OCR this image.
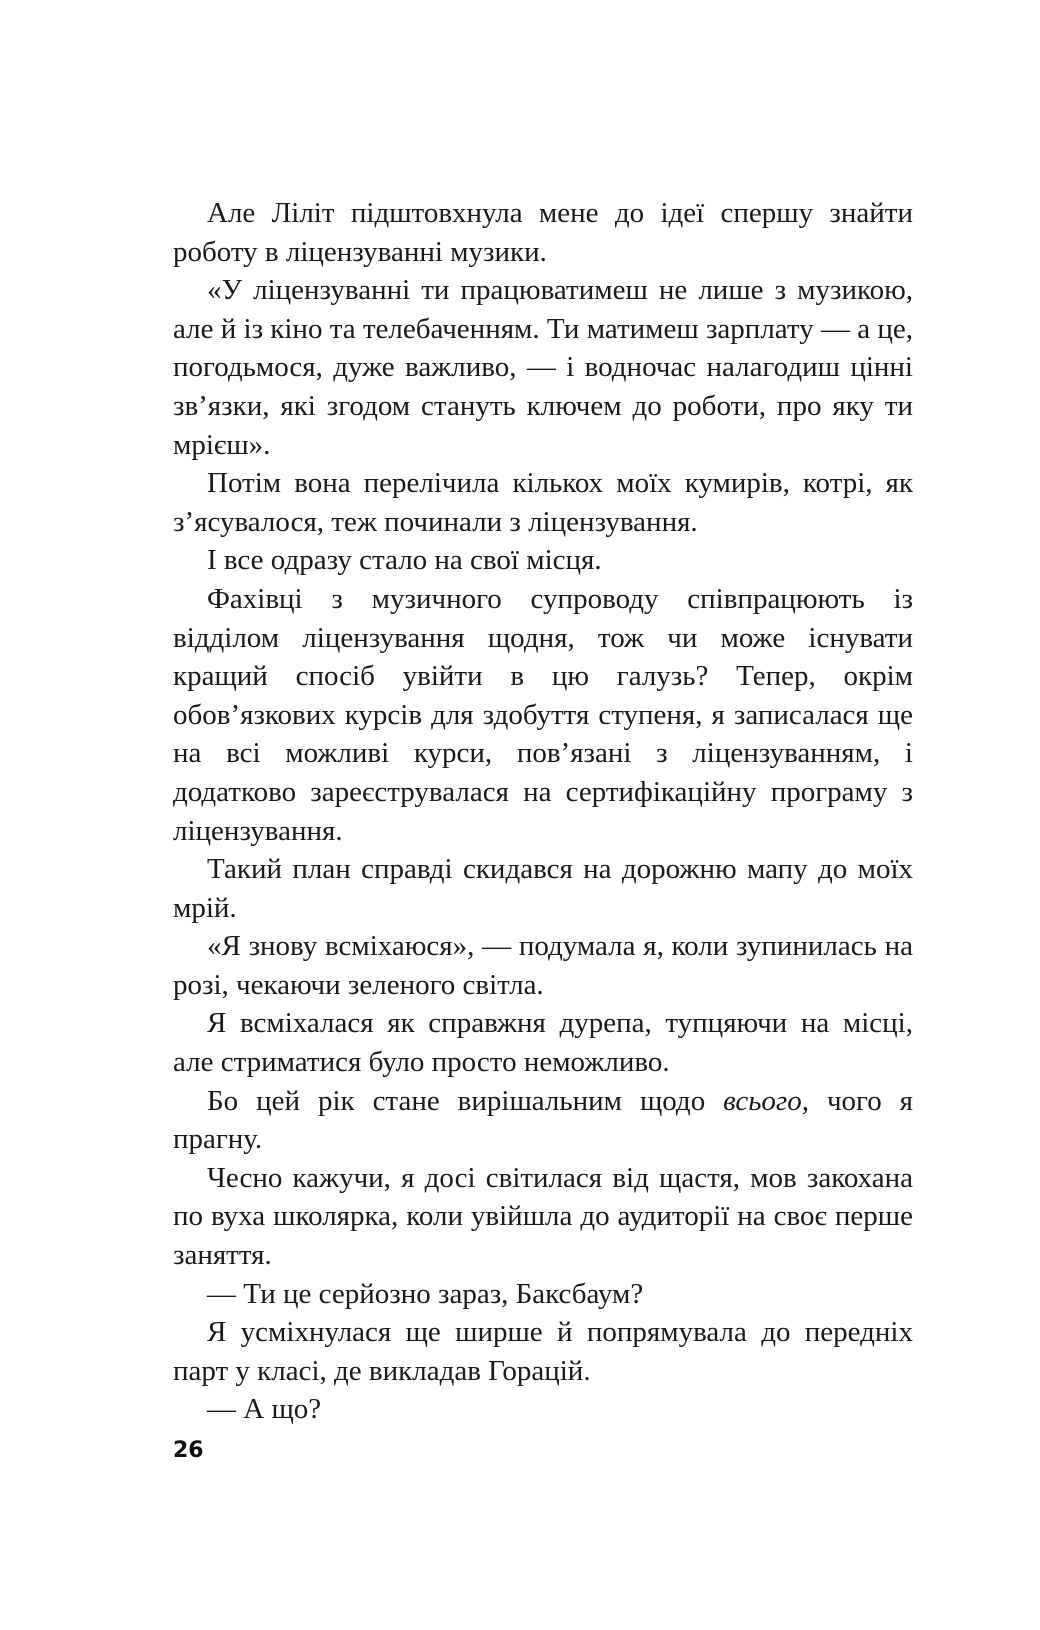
Але Ліліт підштовхнула мене до ідеї спершу знайти роботу в ліцензуванні музики.

«У ліцензуванні ти працюватимеш не лише з музикою, але й із кіно та телебаченням. Ти матимеш зарплату — а це, погодьмося, дуже важливо, — і водночас налагодиш цінні зв’язки, які згодом стануть ключем до роботи, про яку ти мрієш».

Потім вона перелічила кількох моїх кумирів, котрі, як з’ясувалося, теж починали з ліцензування.

І все одразу стало на свої місця.

Фахівці з музичного супроводу співпрацюють із відділом ліцензування щодня, тож чи може існувати кращий спосіб увійти в цю галузь? Тепер, окрім обов’язкових курсів для здобуття ступеня, я записалася ще на всі можливі курси, пов’язані з ліцензуванням, і додатково зареєструвалася на сертифікаційну програму з ліцензування.

Такий план справді скидався на дорожню мапу до моїх мрій.

«Я знову всміхаюся», — подумала я, коли зупинилась на розі, чекаючи зеленого світла.

Я всміхалася як справжня дурепа, тупцяючи на місці, але стриматися було просто неможливо.

Бо цей рік стане вирішальним щодо всього, чого я прагну.

Чесно кажучи, я досі світилася від щастя, мов закохана по вуха школярка, коли увійшла до аудиторії на своє перше заняття.

— Ти це серйозно зараз, Баксбаум?

Я усміхнулася ще ширше й попрямувала до передніх парт у класі, де викладав Горацій.

— А що?

26
